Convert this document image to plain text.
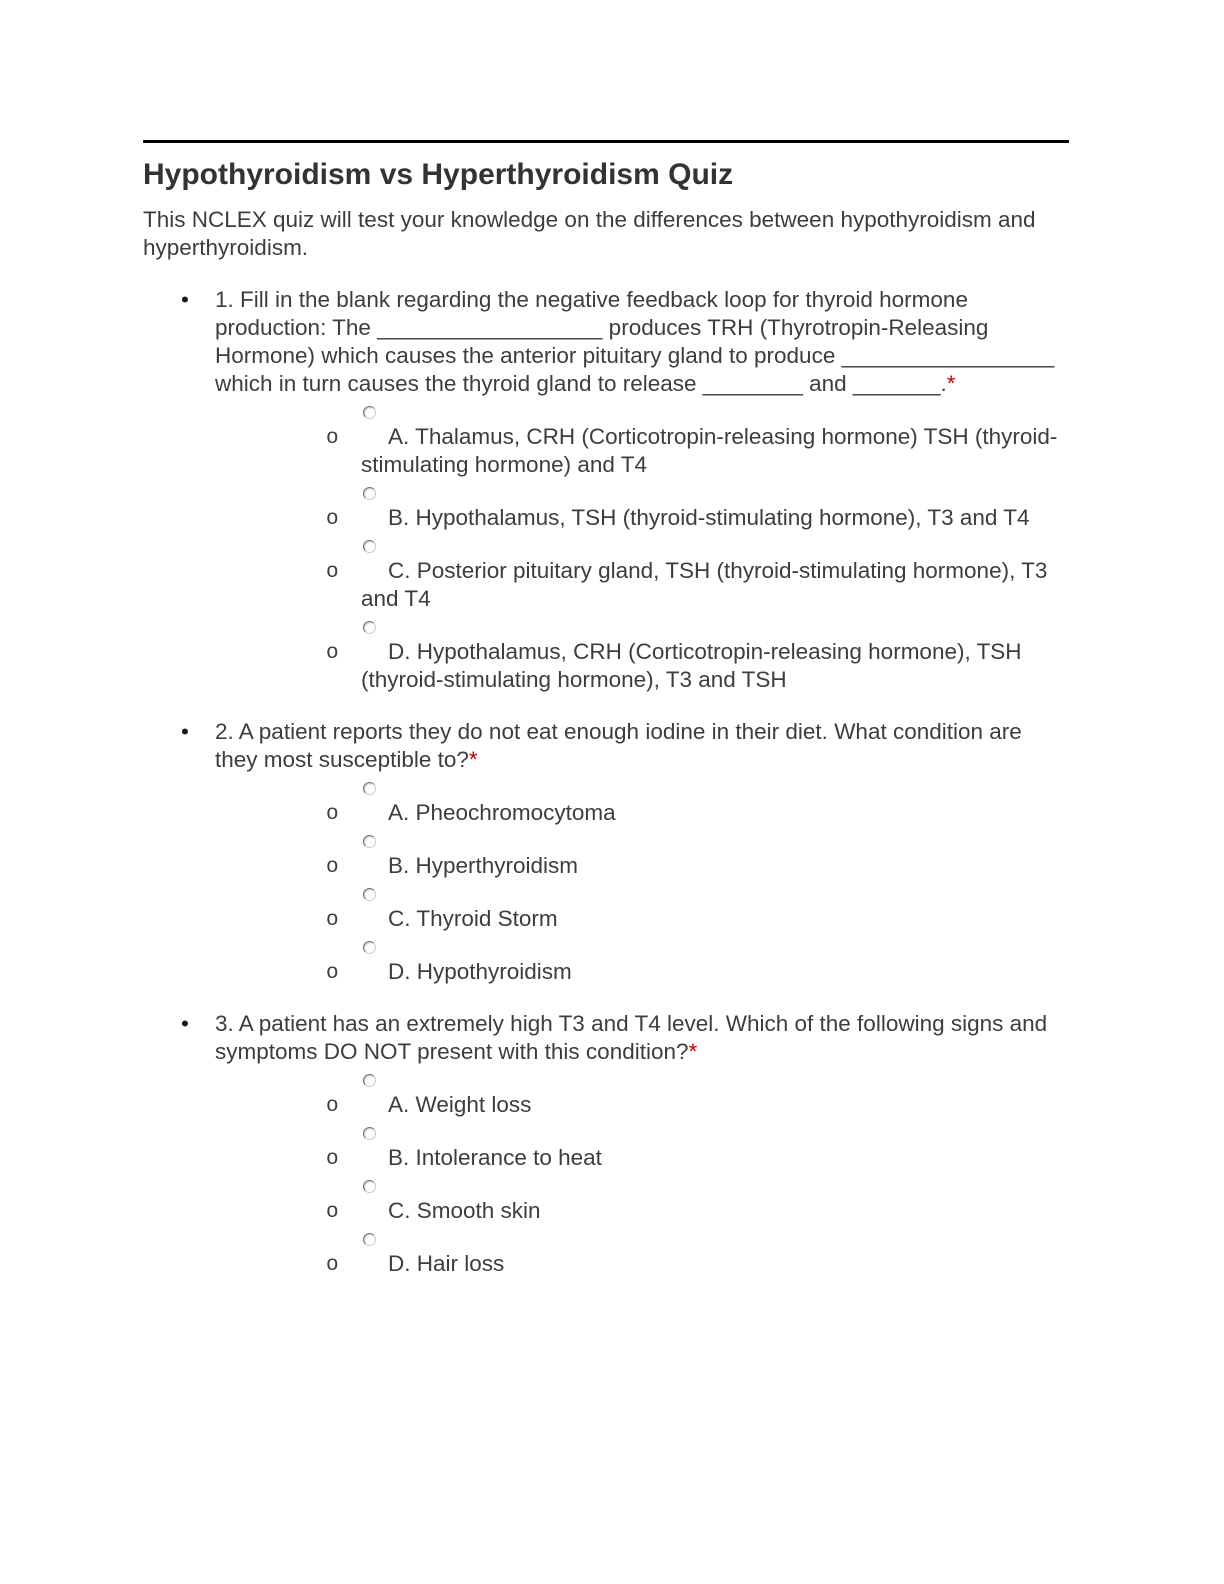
Hypothyroidism vs Hyperthyroidism Quiz

This NCLEX quiz will test your knowledge on the differences between hypothyroidism and hyperthyroidism.

• 1. Fill in the blank regarding the negative feedback loop for thyroid hormone production: The __________________ produces TRH (Thyrotropin-Releasing Hormone) which causes the anterior pituitary gland to produce _________________ which in turn causes the thyroid gland to release ________ and _______.*
o	A. Thalamus, CRH (Corticotropin-releasing hormone) TSH (thyroid-stimulating hormone) and T4
o	B. Hypothalamus, TSH (thyroid-stimulating hormone), T3 and T4
o	C. Posterior pituitary gland, TSH (thyroid-stimulating hormone), T3 and T4
o	D. Hypothalamus, CRH (Corticotropin-releasing hormone), TSH (thyroid-stimulating hormone), T3 and TSH
• 2. A patient reports they do not eat enough iodine in their diet. What condition are they most susceptible to?*
o	A. Pheochromocytoma
o	B. Hyperthyroidism
o	C. Thyroid Storm
o	D. Hypothyroidism
• 3. A patient has an extremely high T3 and T4 level. Which of the following signs and symptoms DO NOT present with this condition?*
o	A. Weight loss
o	B. Intolerance to heat
o	C. Smooth skin
o	D. Hair loss
